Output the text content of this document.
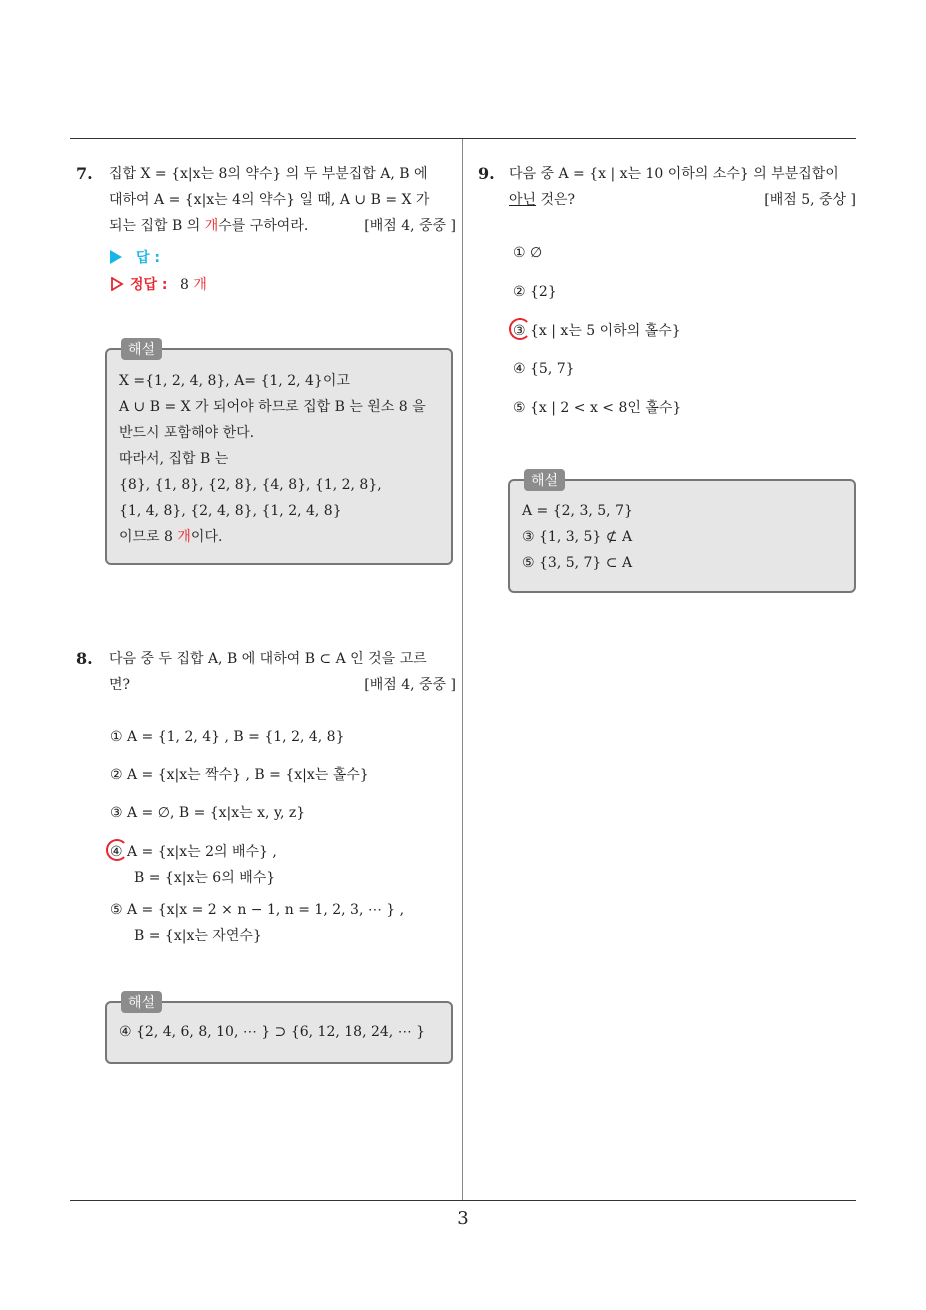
7. 집합 X = {x|x는 8의 약수} 의 두 부분집합 A, B 에
대하여 A = {x|x는 4의 약수} 일 때, A ∪ B = X 가
되는 집합 B 의 개수를 구하여라.	[배점 4, 중중 ]
답 :
정답 : 8 개
해설
X ={1, 2, 4, 8}, A= {1, 2, 4}이고
A ∪ B = X 가 되어야 하므로 집합 B 는 원소 8 을
반드시 포함해야 한다.
따라서, 집합 B 는
{8}, {1, 8}, {2, 8}, {4, 8}, {1, 2, 8},
{1, 4, 8}, {2, 4, 8}, {1, 2, 4, 8}
이므로 8 개이다.
8. 다음 중 두 집합 A, B 에 대하여 B ⊂ A 인 것을 고르
면?	[배점 4, 중중 ]
① A = {1, 2, 4} , B = {1, 2, 4, 8}
② A = {x|x는 짝수} , B = {x|x는 홀수}
③ A = ∅, B = {x|x는 x, y, z}
④ A = {x|x는 2의 배수} ,
B = {x|x는 6의 배수}
⑤ A = {x|x = 2 × n − 1, n = 1, 2, 3, ⋯ } ,
B = {x|x는 자연수}
해설
④ {2, 4, 6, 8, 10, ⋯ } ⊃ {6, 12, 18, 24, ⋯ }
9. 다음 중 A = {x | x는 10 이하의 소수} 의 부분집합이
아닌 것은?	[배점 5, 중상 ]
① ∅
② {2}
③ {x | x는 5 이하의 홀수}
④ {5, 7}
⑤ {x | 2 < x < 8인 홀수}
해설
A = {2, 3, 5, 7}
③ {1, 3, 5} ⊄ A
⑤ {3, 5, 7} ⊂ A
3
